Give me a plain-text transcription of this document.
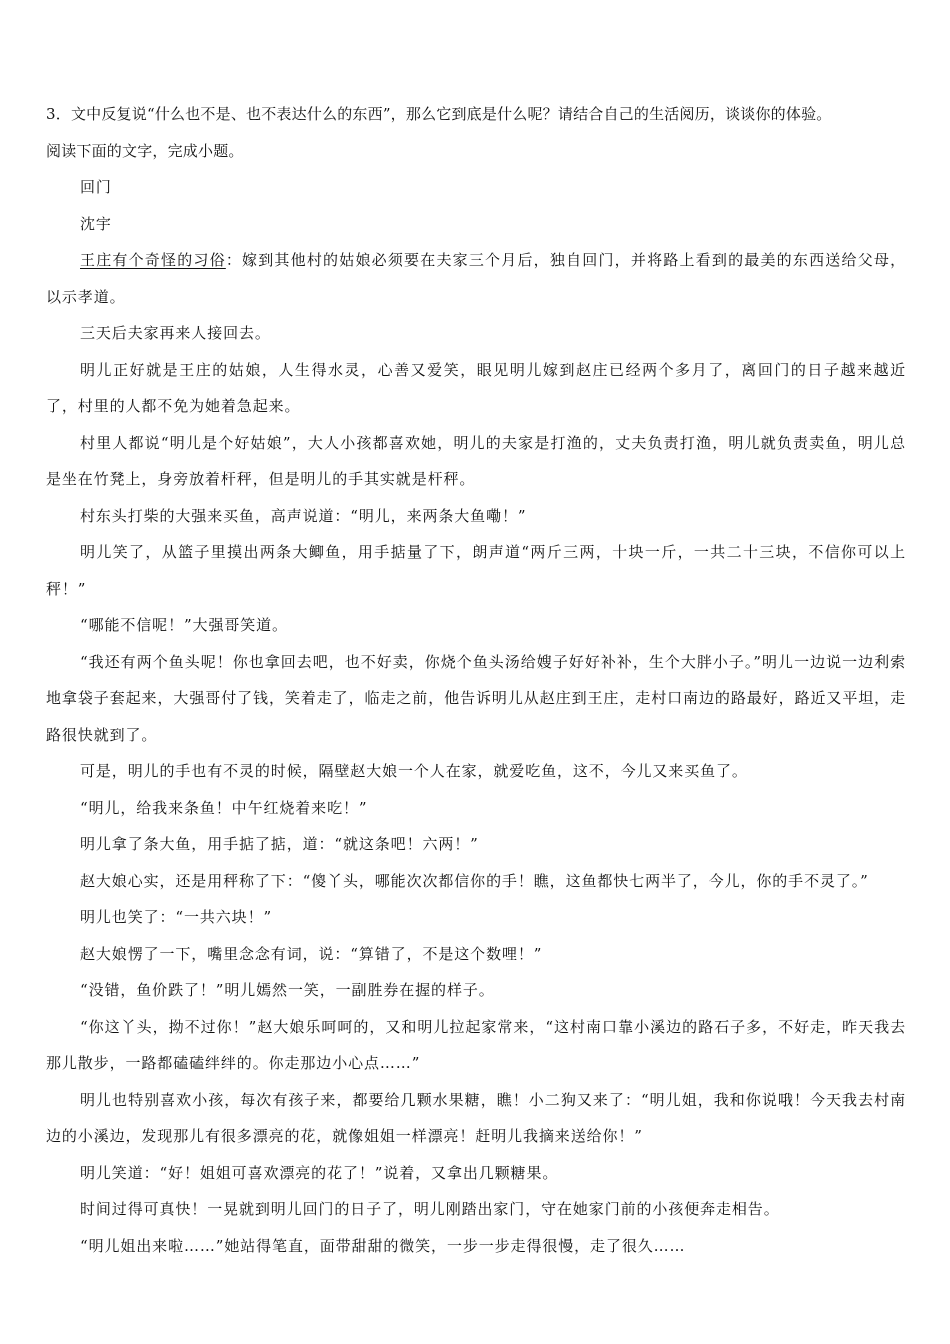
3．文中反复说“什么也不是、也不表达什么的东西”，那么它到底是什么呢？请结合自己的生活阅历，谈谈你的体验。

阅读下面的文字，完成小题。

回门

沈宇

王庄有个奇怪的习俗：嫁到其他村的姑娘必须要在夫家三个月后，独自回门，并将路上看到的最美的东西送给父母，以示孝道。

三天后夫家再来人接回去。

明儿正好就是王庄的姑娘，人生得水灵，心善又爱笑，眼见明儿嫁到赵庄已经两个多月了，离回门的日子越来越近了，村里的人都不免为她着急起来。

村里人都说“明儿是个好姑娘”，大人小孩都喜欢她，明儿的夫家是打渔的，丈夫负责打渔，明儿就负责卖鱼，明儿总是坐在竹凳上，身旁放着杆秤，但是明儿的手其实就是杆秤。

村东头打柴的大强来买鱼，高声说道：“明儿，来两条大鱼嘞！”

明儿笑了，从篮子里摸出两条大鲫鱼，用手掂量了下，朗声道“两斤三两，十块一斤，一共二十三块，不信你可以上秤！”

“哪能不信呢！”大强哥笑道。

“我还有两个鱼头呢！你也拿回去吧，也不好卖，你烧个鱼头汤给嫂子好好补补，生个大胖小子。”明儿一边说一边利索地拿袋子套起来，大强哥付了钱，笑着走了，临走之前，他告诉明儿从赵庄到王庄，走村口南边的路最好，路近又平坦，走路很快就到了。

可是，明儿的手也有不灵的时候，隔壁赵大娘一个人在家，就爱吃鱼，这不，今儿又来买鱼了。

“明儿，给我来条鱼！中午红烧着来吃！”

明儿拿了条大鱼，用手掂了掂，道：“就这条吧！六两！”

赵大娘心实，还是用秤称了下：“傻丫头，哪能次次都信你的手！瞧，这鱼都快七两半了，今儿，你的手不灵了。”

明儿也笑了：“一共六块！”

赵大娘愣了一下，嘴里念念有词，说：“算错了，不是这个数哩！”

“没错，鱼价跌了！”明儿嫣然一笑，一副胜券在握的样子。

“你这丫头，拗不过你！”赵大娘乐呵呵的，又和明儿拉起家常来，“这村南口靠小溪边的路石子多，不好走，昨天我去那儿散步，一路都磕磕绊绊的。你走那边小心点……”

明儿也特别喜欢小孩，每次有孩子来，都要给几颗水果糖，瞧！小二狗又来了：“明儿姐，我和你说哦！今天我去村南边的小溪边，发现那儿有很多漂亮的花，就像姐姐一样漂亮！赶明儿我摘来送给你！”

明儿笑道：“好！姐姐可喜欢漂亮的花了！”说着，又拿出几颗糖果。

时间过得可真快！一晃就到明儿回门的日子了，明儿刚踏出家门，守在她家门前的小孩便奔走相告。

“明儿姐出来啦……”她站得笔直，面带甜甜的微笑，一步一步走得很慢，走了很久……
